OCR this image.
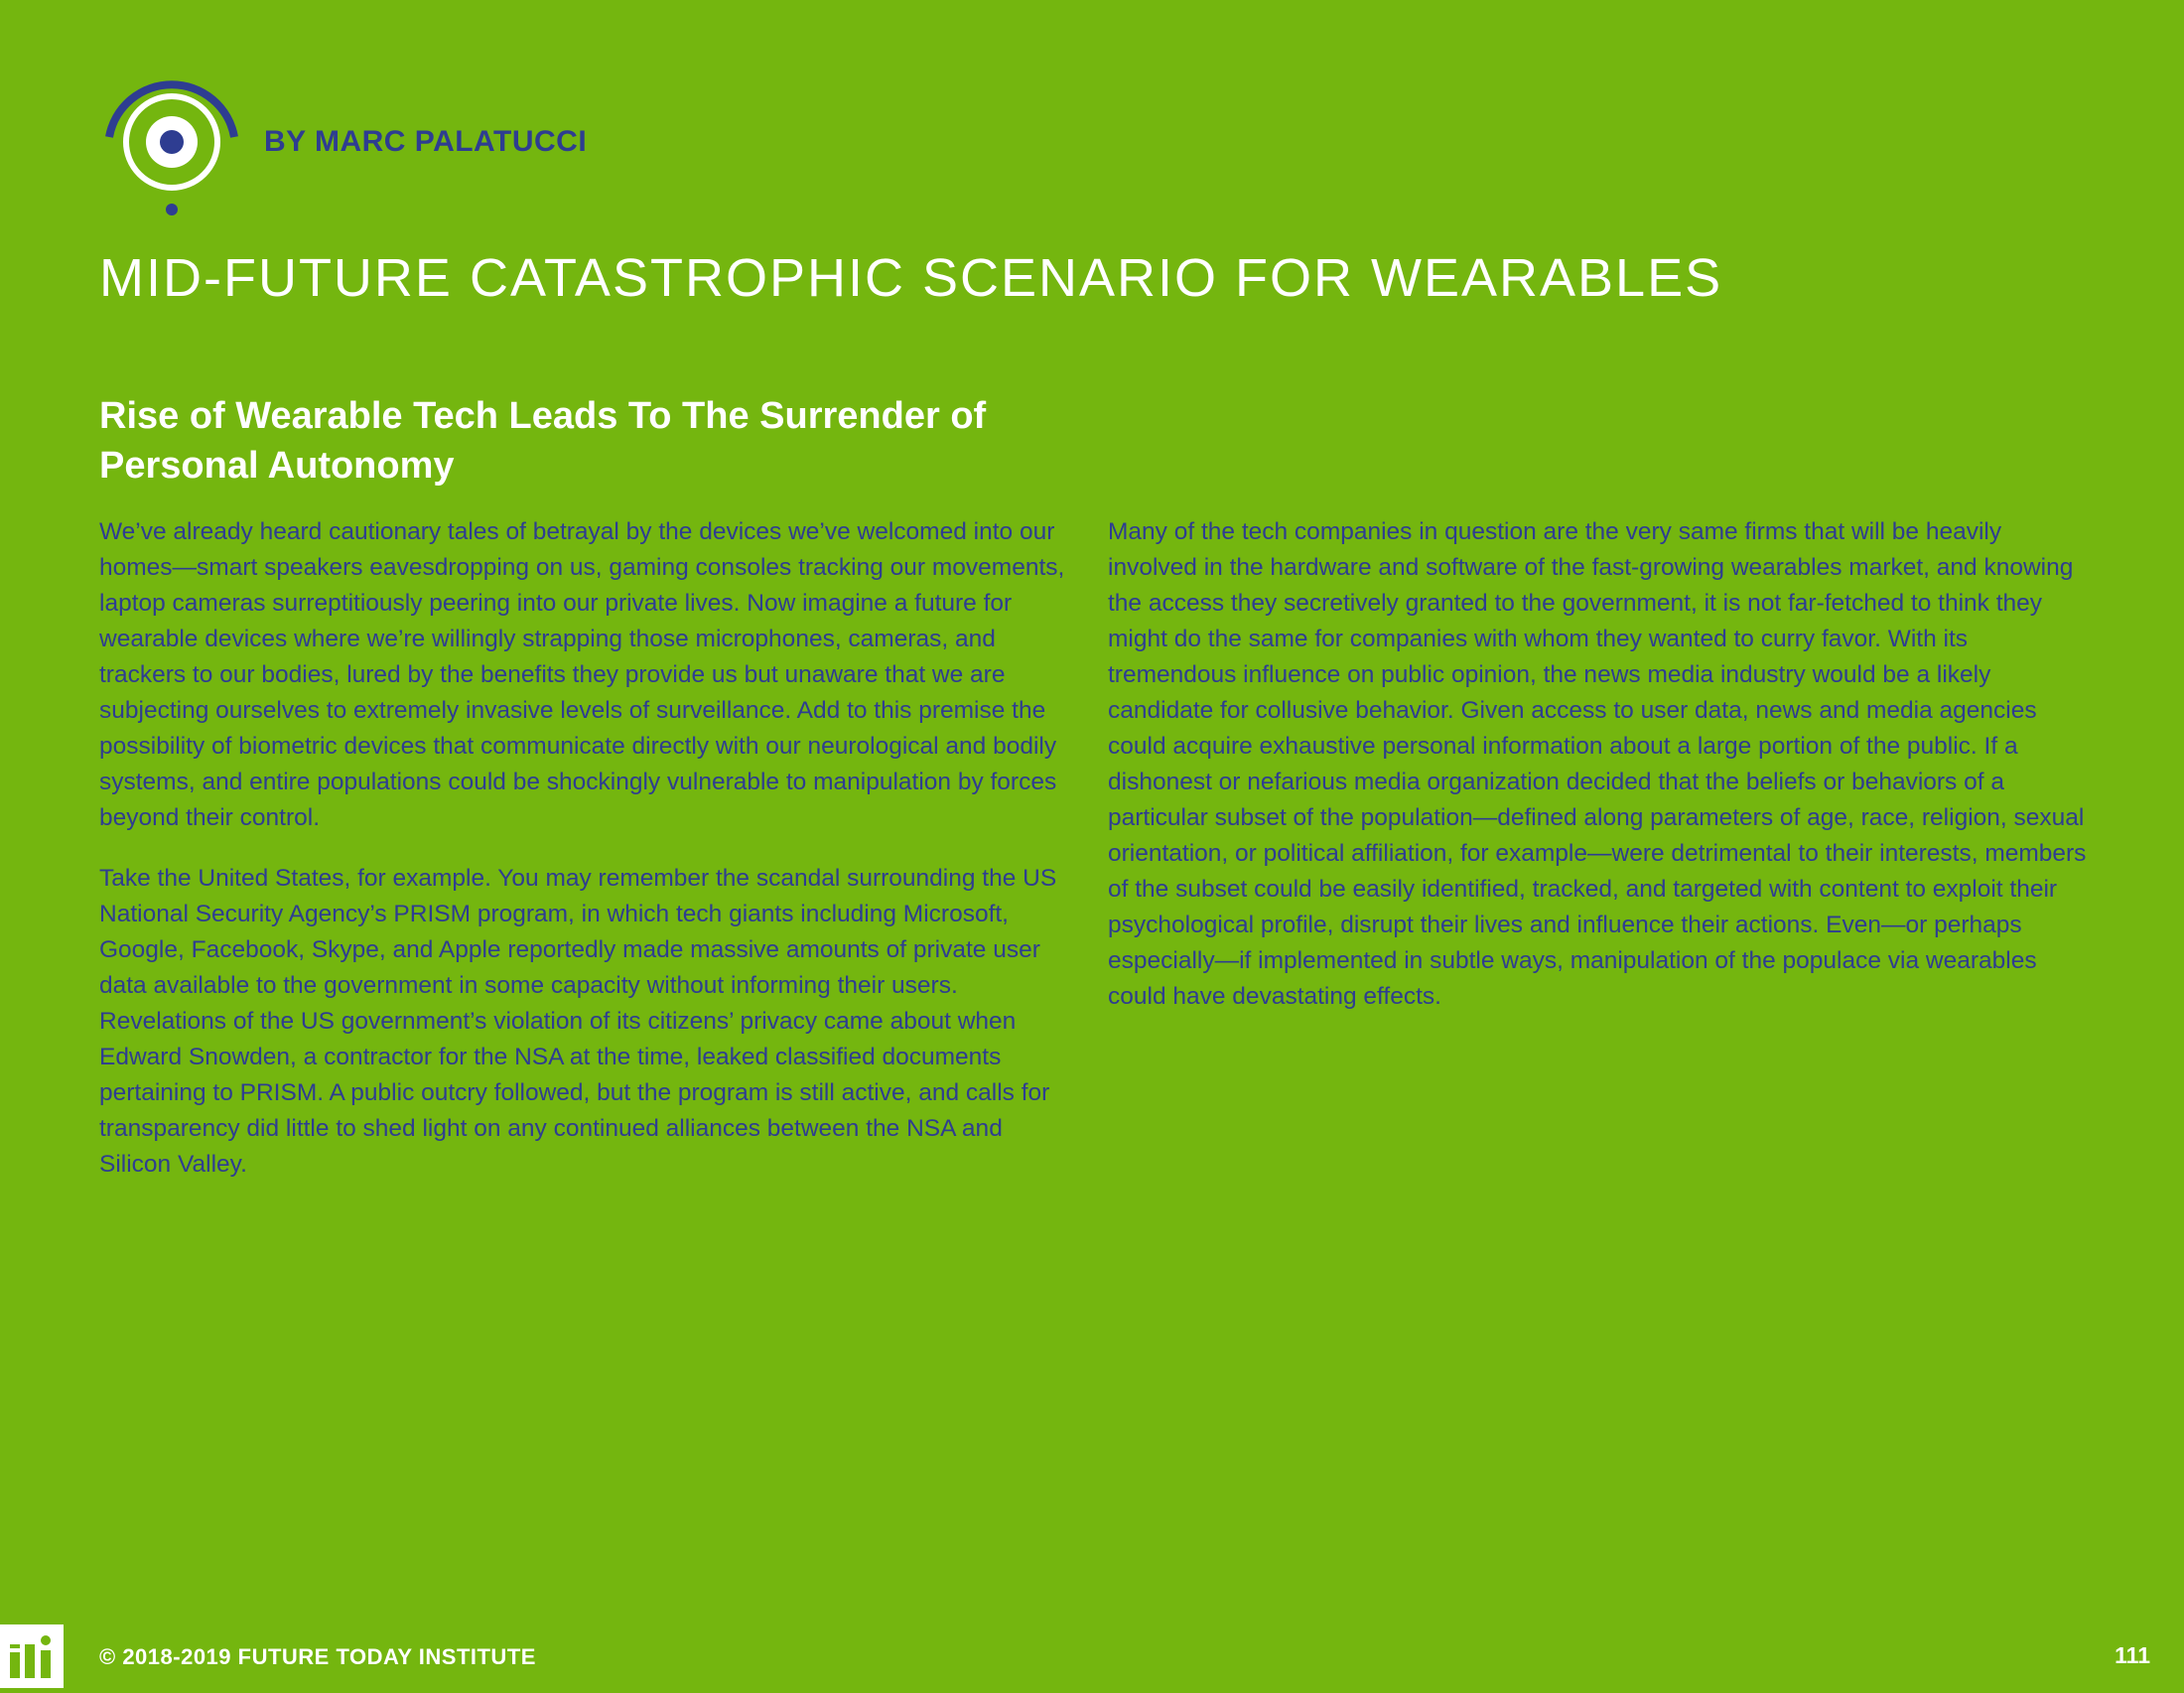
BY MARC PALATUCCI
MID-FUTURE CATASTROPHIC SCENARIO FOR WEARABLES
Rise of Wearable Tech Leads To The Surrender of Personal Autonomy

We’ve already heard cautionary tales of betrayal by the devices we’ve welcomed into our homes—smart speakers eavesdropping on us, gaming consoles tracking our movements, laptop cameras surreptitiously peering into our private lives. Now imagine a future for wearable devices where we’re willingly strapping those microphones, cameras, and trackers to our bodies, lured by the benefits they provide us but unaware that we are subjecting ourselves to extremely invasive levels of surveillance. Add to this premise the possibility of biometric devices that communicate directly with our neurological and bodily systems, and entire populations could be shockingly vulnerable to manipulation by forces beyond their control.

Take the United States, for example. You may remember the scandal surrounding the US National Security Agency’s PRISM program, in which tech giants including Microsoft, Google, Facebook, Skype, and Apple reportedly made massive amounts of private user data available to the government in some capacity without informing their users. Revelations of the US government’s violation of its citizens’ privacy came about when Edward Snowden, a contractor for the NSA at the time, leaked classified documents pertaining to PRISM. A public outcry followed, but the program is still active, and calls for transparency did little to shed light on any continued alliances between the NSA and Silicon Valley.

Many of the tech companies in question are the very same firms that will be heavily involved in the hardware and software of the fast-growing wearables market, and knowing the access they secretively granted to the government, it is not far-fetched to think they might do the same for companies with whom they wanted to curry favor. With its tremendous influence on public opinion, the news media industry would be a likely candidate for collusive behavior. Given access to user data, news and media agencies could acquire exhaustive personal information about a large portion of the public. If a dishonest or nefarious media organization decided that the beliefs or behaviors of a particular subset of the population—defined along parameters of age, race, religion, sexual orientation, or political affiliation, for example—were detrimental to their interests, members of the subset could be easily identified, tracked, and targeted with content to exploit their psychological profile, disrupt their lives and influence their actions. Even—or perhaps especially—if implemented in subtle ways, manipulation of the populace via wearables could have devastating effects.

© 2018-2019 FUTURE TODAY INSTITUTE	111
